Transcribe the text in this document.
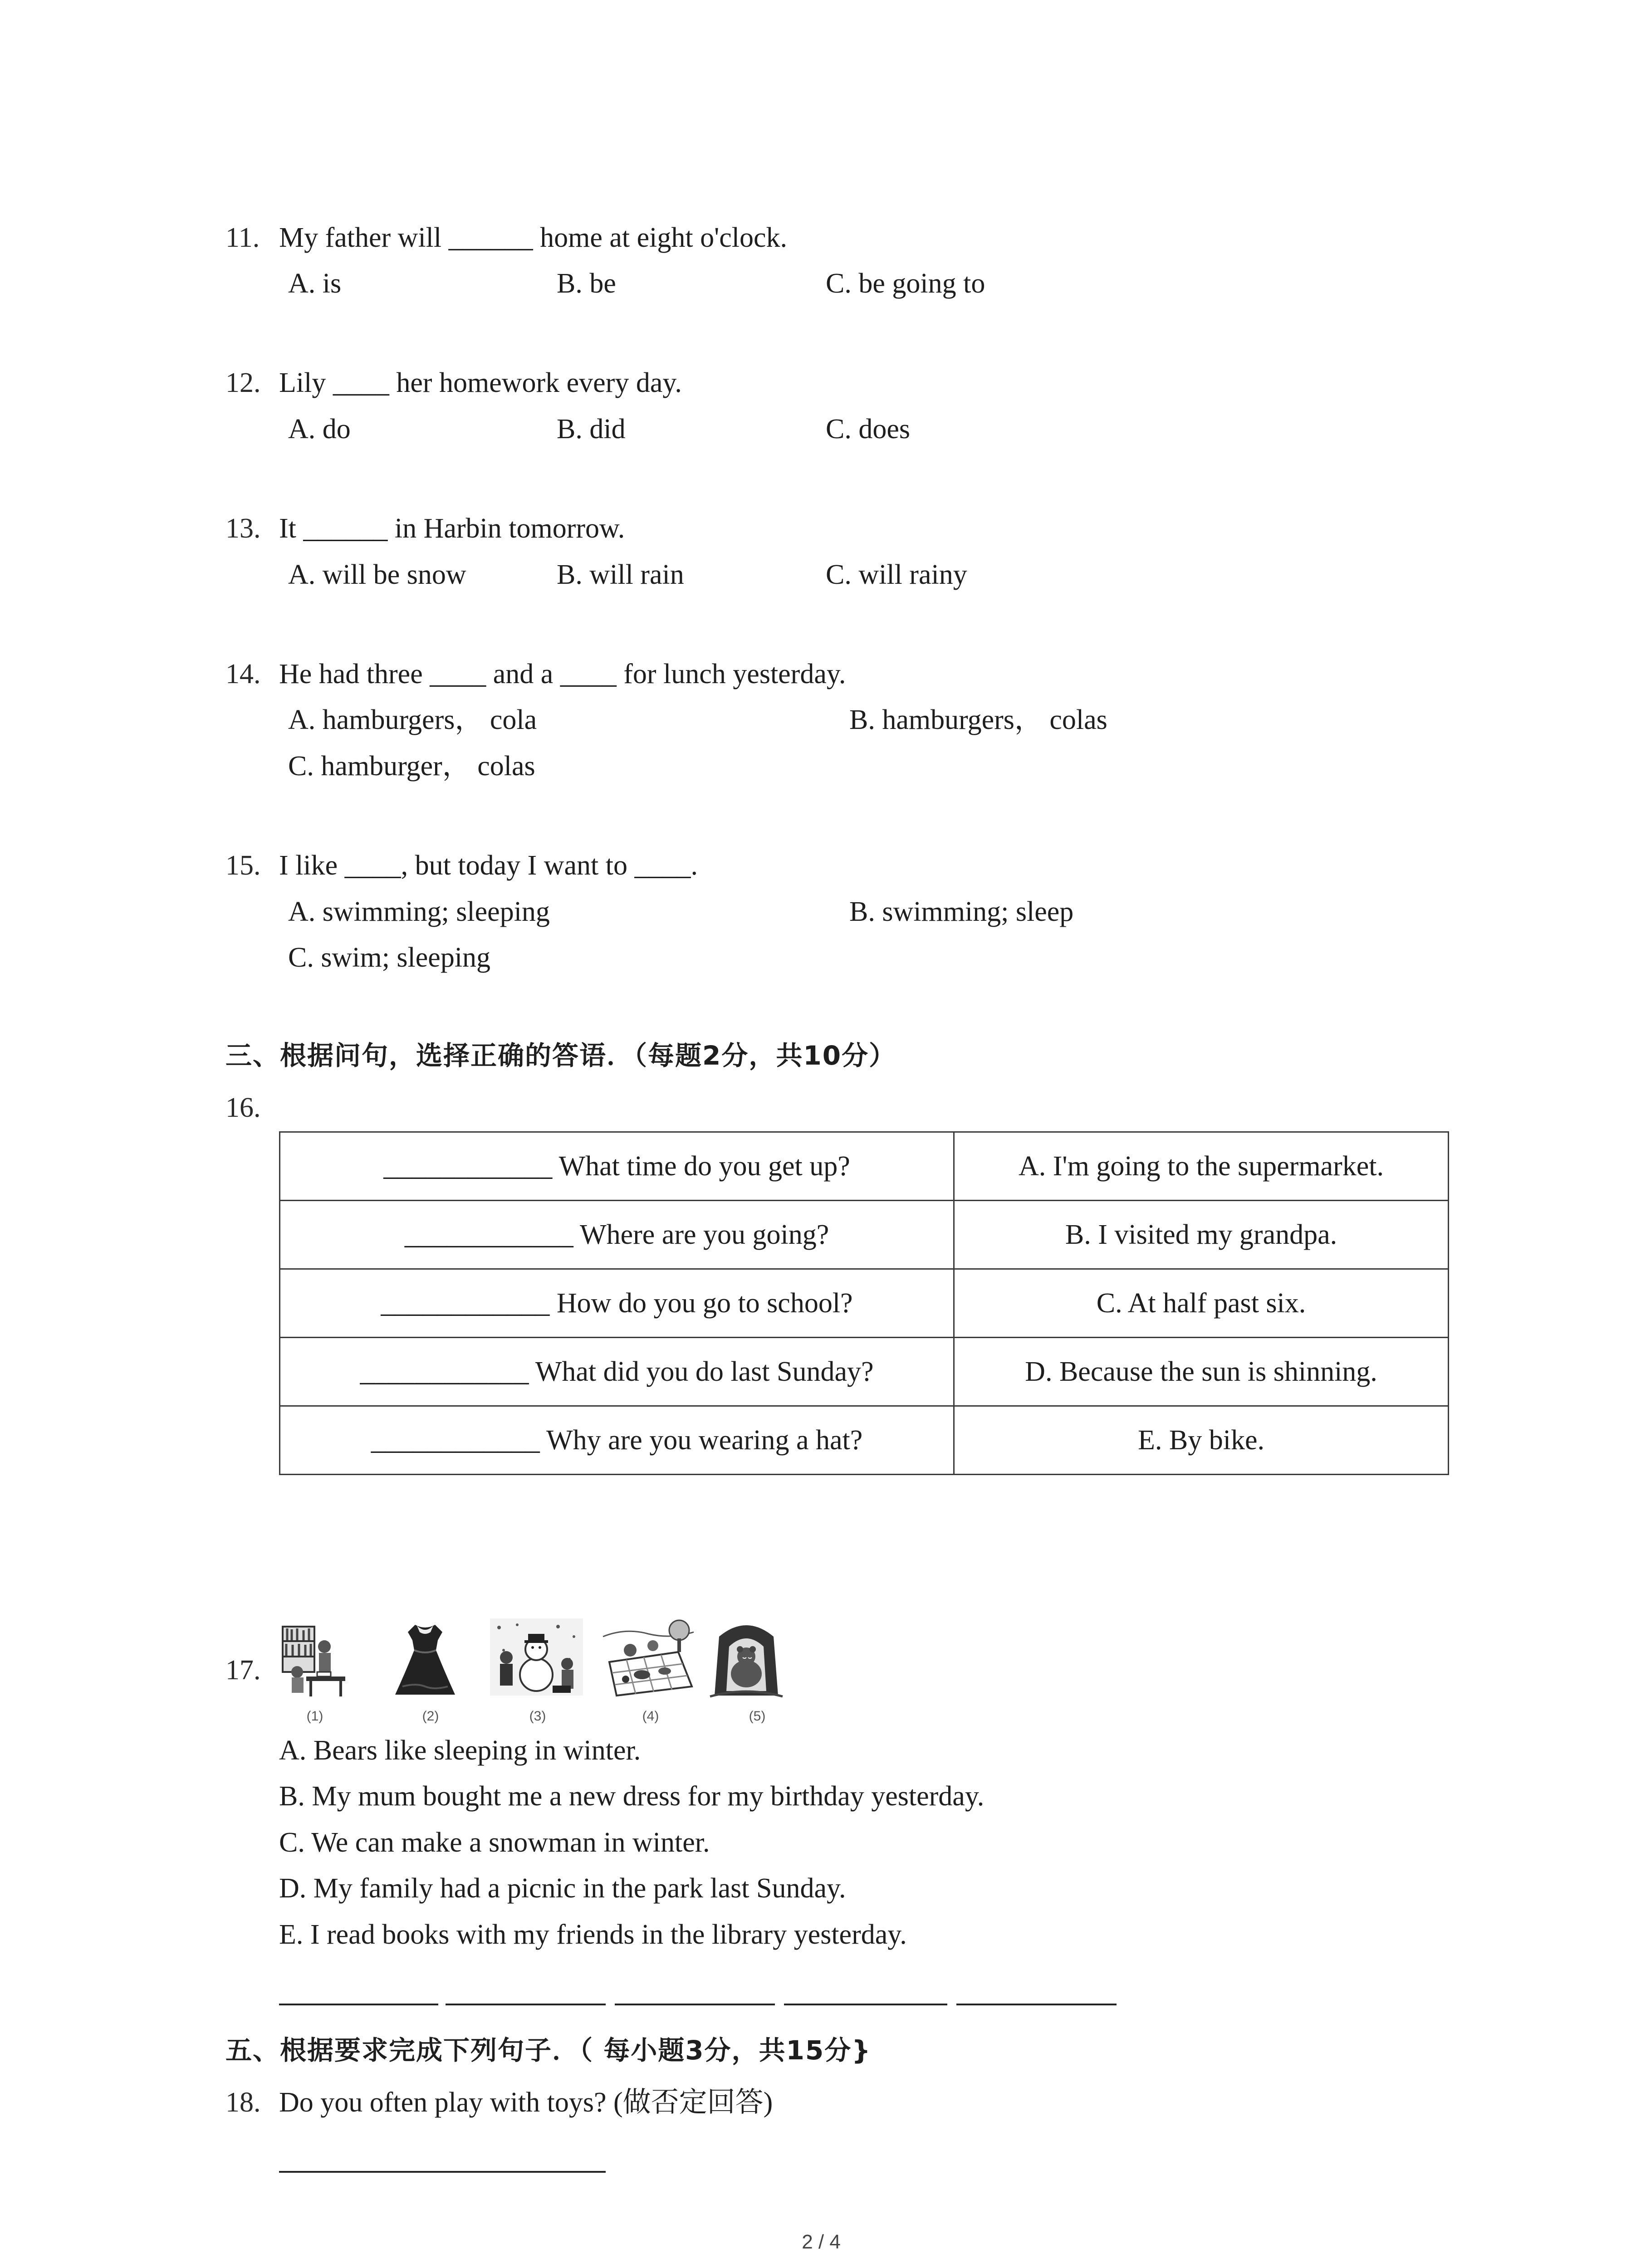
11. My father will ______ home at eight o'clock.
A. is	B. be	C. be going to
12. Lily ____ her homework every day.
A. do	B. did	C. does
13. It ______ in Harbin tomorrow.
A. will be snow	B. will rain	C. will rainy
14. He had three ____ and a ____ for lunch yesterday.
A. hamburgers， cola	B. hamburgers， colas
C. hamburger， colas
15. I like ____, but today I want to ____.
A. swimming; sleeping	B. swimming; sleep
C. swim; sleeping
三、根据问句，选择正确的答语．（每题2分，共10分）
16.
____________ What time do you get up?	A. I'm going to the supermarket.
____________ Where are you going?	B. I visited my grandpa.
____________ How do you go to school?	C. At half past six.
____________ What did you do last Sunday?	D. Because the sun is shinning.
____________ Why are you wearing a hat?	E. By bike.
17.
(1)	(2)	(3)	(4)	(5)
A. Bears like sleeping in winter.
B. My mum bought me a new dress for my birthday yesterday.
C. We can make a snowman in winter.
D. My family had a picnic in the park last Sunday.
E. I read books with my friends in the library yesterday.
五、根据要求完成下列句子．（ 每小题3分，共15分}
18. Do you often play with toys? (做否定回答)
2 / 4
